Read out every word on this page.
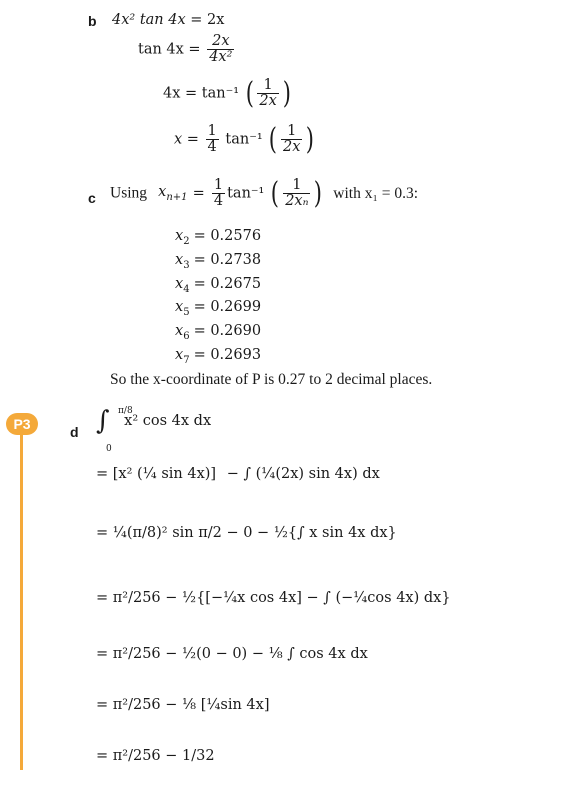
b 4x² tan 4x = 2x
$\tan 4x = \frac{2x}{\text{4x²}}$
4x = tan⁻¹ ( $\frac{1}{2x}$ )
$x = \frac{1}{4} \tan^{-1}$ ( $\frac{1}{2x}$ )
c Using $x_{n+1} = \frac{1}{4} \tan^{-1}$ ( $\frac{1}{\text{2xₙ}}$ ) with x₁ = 0.3:
$x_2 = 0.2576$
$x_3 = 0.2738$
$x_4 = 0.2675$
$x_5 = 0.2699$
$x_6 = 0.2690$
$x_7 = 0.2693$
So the x-coordinate of P is 0.27 to 2 decimal places.
P3	d ∫ π/8
0
x² cos 4x dx
= [x² (¼ sin 4x)] − ∫ (¼(2x) sin 4x) dx
= ¼(π/8)² sin π/2 − 0 − ½{∫ x sin 4x dx}
= π²/256 − ½{[−¼x cos 4x] − ∫ (−¼cos 4x) dx}
= π²/256 − ½(0 − 0) − ⅛ ∫ cos 4x dx
= π²/256 − ⅛ [¼sin 4x]
= π²/256 − 1/32
